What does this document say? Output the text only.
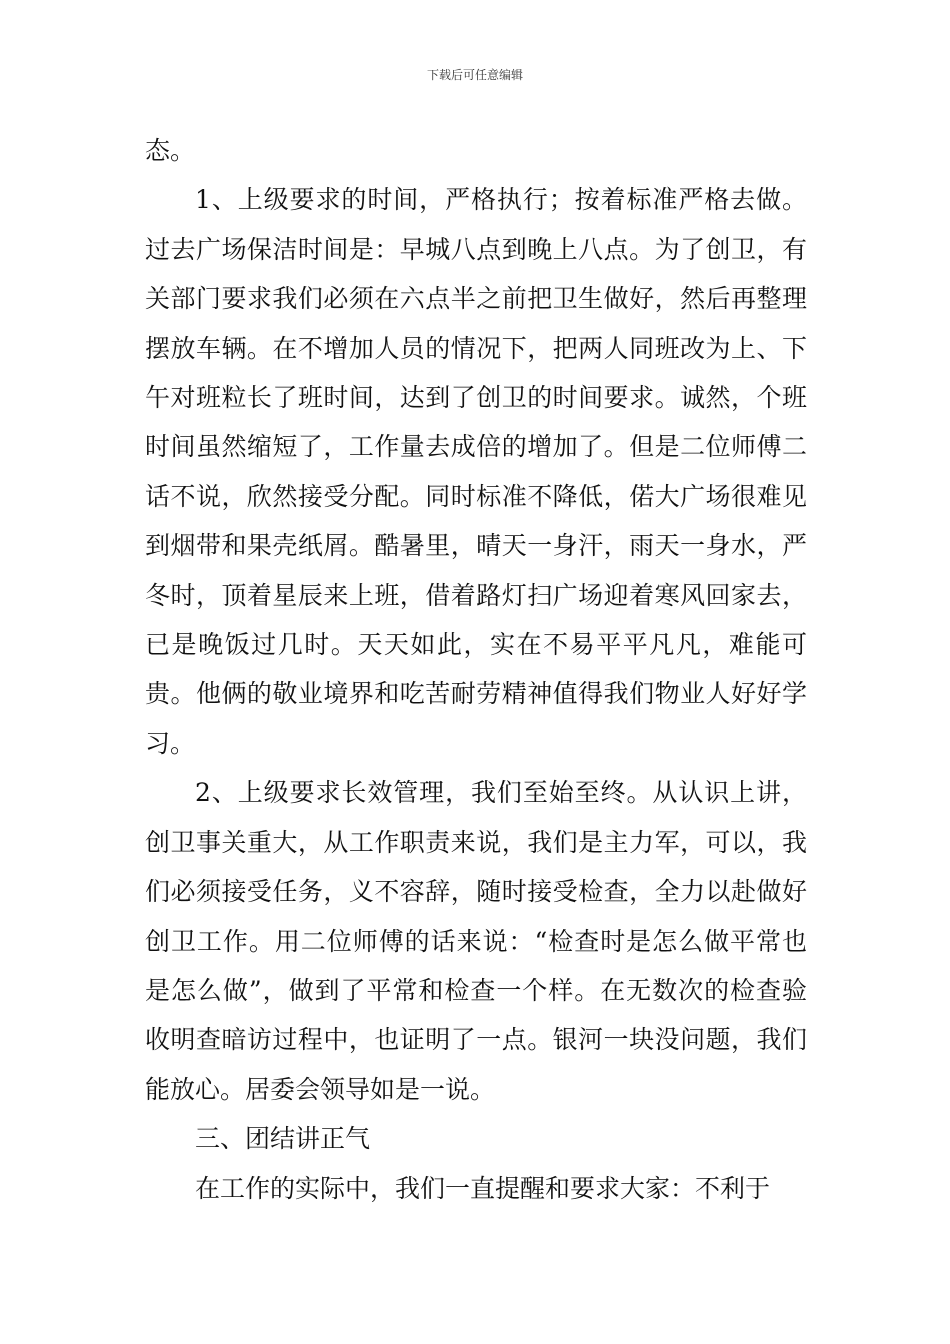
下载后可任意编辑

态。

1、上级要求的时间，严格执行；按着标准严格去做。过去广场保洁时间是：早城八点到晚上八点。为了创卫，有关部门要求我们必须在六点半之前把卫生做好，然后再整理摆放车辆。在不增加人员的情况下，把两人同班改为上、下午对班粒长了班时间，达到了创卫的时间要求。诚然，个班时间虽然缩短了，工作量去成倍的增加了。但是二位师傅二话不说，欣然接受分配。同时标准不降低，偌大广场很难见到烟带和果壳纸屑。酷暑里，晴天一身汗，雨天一身水，严冬时，顶着星辰来上班，借着路灯扫广场迎着寒风回家去，已是晚饭过几时。天天如此，实在不易平平凡凡，难能可贵。他俩的敬业境界和吃苦耐劳精神值得我们物业人好好学习。

2、上级要求长效管理，我们至始至终。从认识上讲，创卫事关重大，从工作职责来说，我们是主力军，可以，我们必须接受任务，义不容辞，随时接受检查，全力以赴做好创卫工作。用二位师傅的话来说：“检查时是怎么做平常也是怎么做”，做到了平常和检查一个样。在无数次的检查验收明查暗访过程中，也证明了一点。银河一块没问题，我们能放心。居委会领导如是一说。

三、团结讲正气

在工作的实际中，我们一直提醒和要求大家：不利于
